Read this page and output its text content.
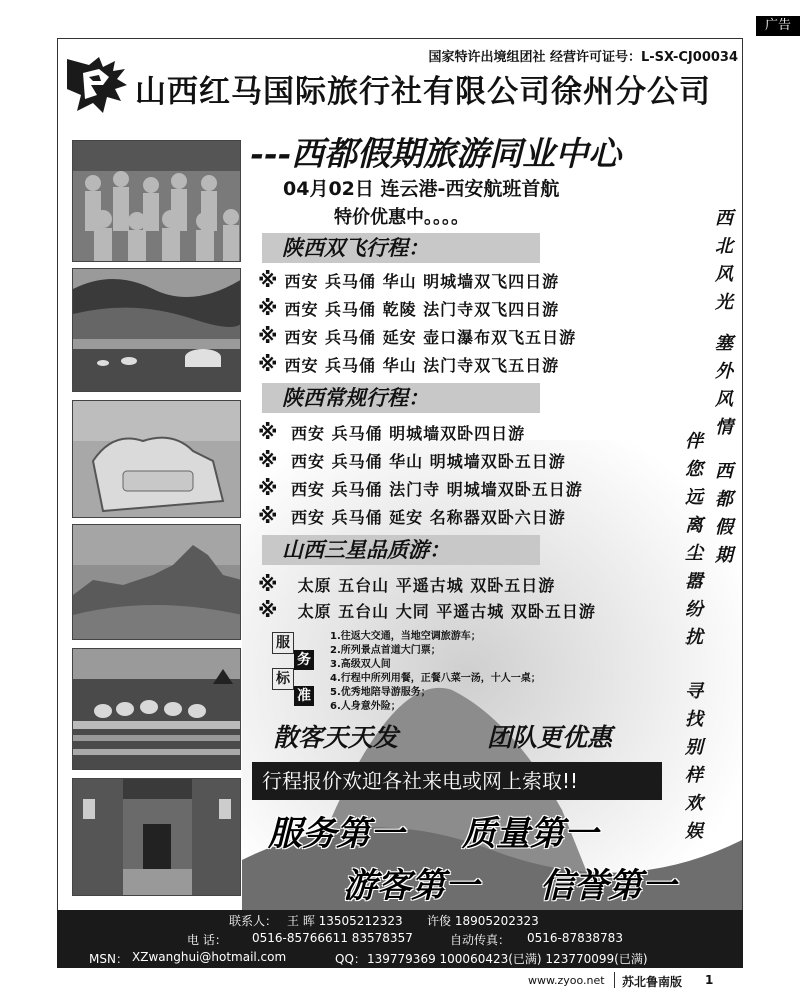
广告
国家特许出境组团社 经营许可证号：L-SX-CJ00034
山西红马国际旅行社有限公司徐州分公司
---西都假期旅游同业中心
04月02日 连云港-西安航班首航
特价优惠中。。。。
陕西双飞行程：
※ 西安 兵马俑 华山 明城墙双飞四日游
※ 西安 兵马俑 乾陵 法门寺双飞四日游
※ 西安 兵马俑 延安 壶口瀑布双飞五日游
※ 西安 兵马俑 华山 法门寺双飞五日游
陕西常规行程：
※ 西安 兵马俑 明城墙双卧四日游
※ 西安 兵马俑 华山 明城墙双卧五日游
※ 西安 兵马俑 法门寺 明城墙双卧五日游
※ 西安 兵马俑 延安 名称器双卧六日游
山西三星品质游：
※ 太原 五台山 平遥古城 双卧五日游
※ 太原 五台山 大同 平遥古城 双卧五日游
西
北
风
光
塞
外
风
情
西
都
假
期
伴
您
远
离
尘
嚣
纷
扰
寻
找
别
样
欢
娱
服
务
标
准
1.往返大交通，当地空调旅游车；
2.所列景点首道大门票；
3.高级双人间
4.行程中所列用餐，正餐八菜一汤，十人一桌；
5.优秀地陪导游服务；
6.人身意外险；
散客天天发	团队更优惠
行程报价欢迎各社来电或网上索取!!
服务第一 质量第一
游客第一 信誉第一
联系人： 王 晖 13505212323 许俊 18905202323
电 话： 0516-85766611 83578357	自动传真： 0516-87838783
MSN： XZwanghui@hotmail.com	QQ： 139779369 100060423(已满) 123770099(已满)
www.zyoo.net 苏北鲁南版 1
